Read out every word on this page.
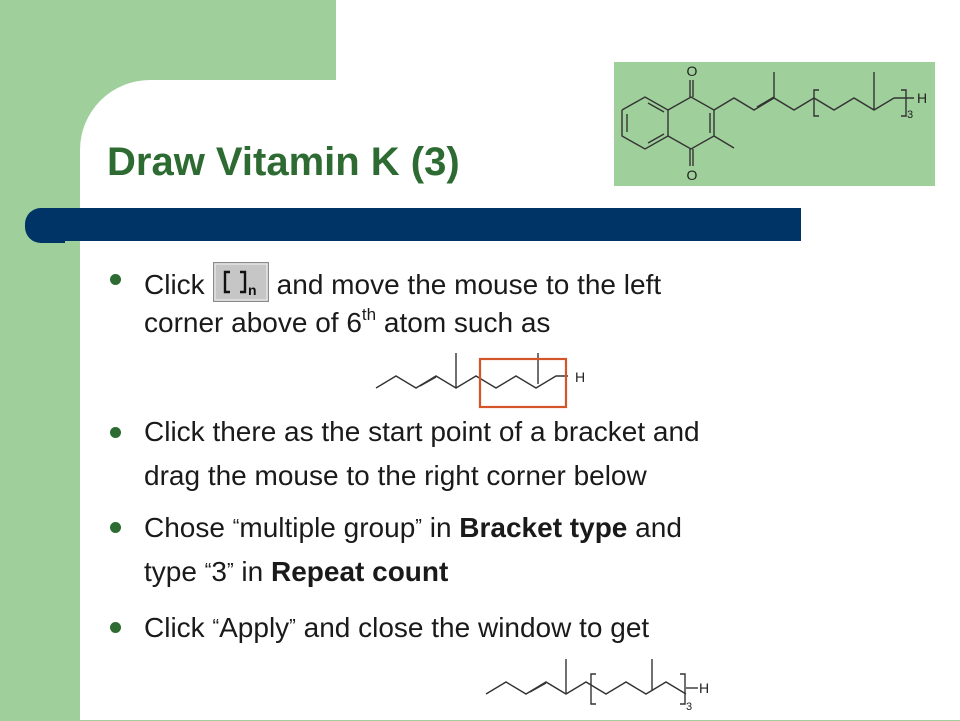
O
O
H
3
Draw Vitamin K (3)
Click	n and move the mouse to the left
corner above of 6th atom such as
H
Click there as the start point of a bracket and
drag the mouse to the right corner below
Chose “multiple group” in Bracket type and
type “3” in Repeat count
Click “Apply” and close the window to get
H
3
